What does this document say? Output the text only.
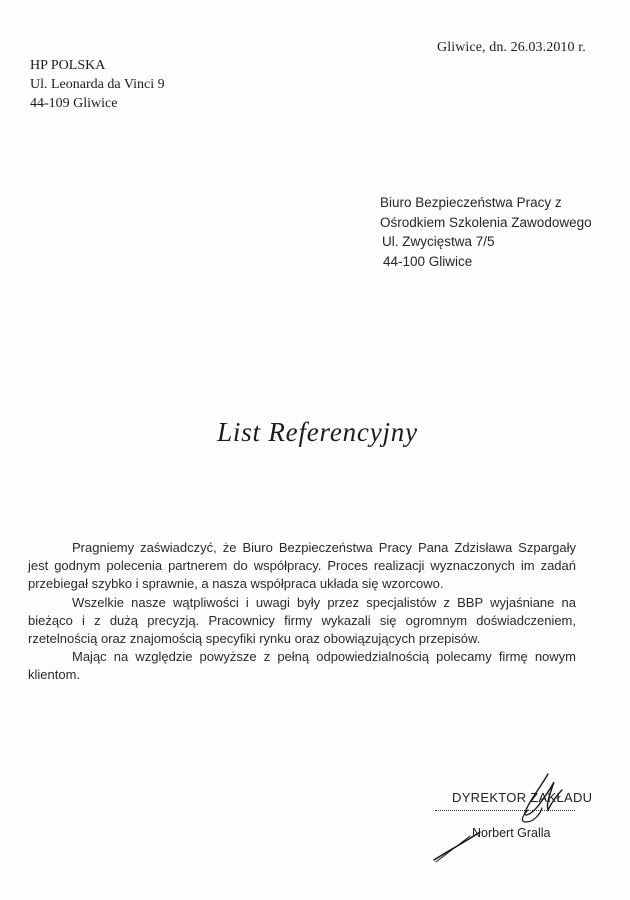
Gliwice, dn. 26.03.2010 r.
HP POLSKA
Ul. Leonarda da Vinci 9
44-109 Gliwice
Biuro Bezpieczeństwa Pracy z
Ośrodkiem Szkolenia Zawodowego
Ul. Zwycięstwa 7/5
44-100 Gliwice
List Referencyjny

Pragniemy zaświadczyć, że Biuro Bezpieczeństwa Pracy Pana Zdzisława Szpargały jest godnym polecenia partnerem do współpracy. Proces realizacji wyznaczonych im zadań przebiegał szybko i sprawnie, a nasza współpraca układa się wzorcowo.

Wszelkie nasze wątpliwości i uwagi były przez specjalistów z BBP wyjaśniane na bieżąco i z dużą precyzją. Pracownicy firmy wykazali się ogromnym doświadczeniem, rzetelnością oraz znajomością specyfiki rynku oraz obowiązujących przepisów.

Mając na względzie powyższe z pełną odpowiedzialnością polecamy firmę nowym klientom.

DYREKTOR ZAKŁADU
Norbert Gralla
